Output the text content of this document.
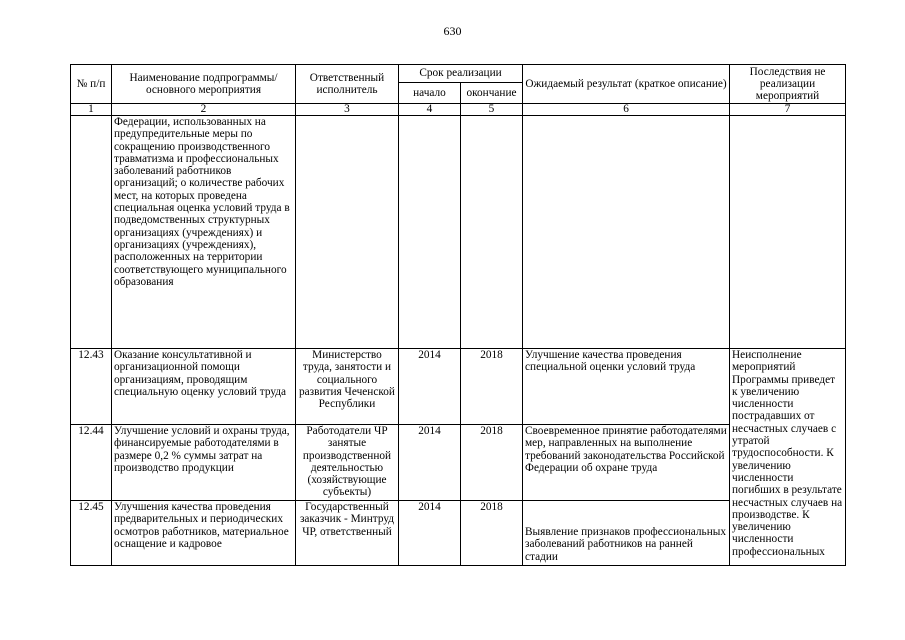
630
№ п/п	Наименование подпрограммы/ основного мероприятия	Ответственный исполнитель	Срок реализации		Ожидаемый результат (краткое описание)	Последствия не реализации мероприятий
			начало	окончание		
1	2	3	4	5	6	7
	Федерации, использованных на предупредительные меры по сокращению производственного травматизма и профессиональных заболеваний работников организаций; о количестве рабочих мест, на которых проведена специальная оценка условий труда в подведомственных структурных организациях (учреждениях) и организациях (учреждениях), расположенных на территории соответствующего муниципального образования					
12.43	Оказание консультативной и организационной помощи организациям, проводящим специальную оценку условий труда	Министерство труда, занятости и социального развития Чеченской Республики	2014	2018	Улучшение качества проведения специальной оценки условий труда	Неисполнение мероприятий Программы приведет к увеличению численности пострадавших от несчастных случаев с утратой трудоспособности. К увеличению численности погибших в результате несчастных случаев на производстве. К увеличению численности профессиональных
12.44	Улучшение условий и охраны труда, финансируемые работодателями в размере 0,2 % суммы затрат на производство продукции	Работодатели ЧР занятые производственной деятельностью (хозяйствующие субъекты)	2014	2018	Своевременное принятие работодателями мер, направленных на выполнение требований законодательства Российской Федерации об охране труда	
12.45	Улучшения качества проведения предварительных и периодических осмотров работников, материальное оснащение и кадровое	Государственный заказчик - Минтруд ЧР, ответственный	2014	2018	Выявление признаков профессиональных заболеваний работников на ранней стадии	
